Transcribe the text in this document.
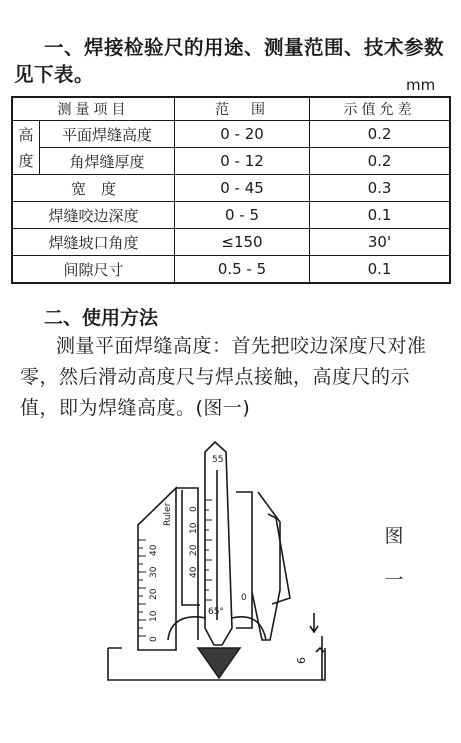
一、焊接检验尺的用途、测量范围、技术参数见下表。	mm
测量项目		范　围	示值允差
高度	平面焊缝高度	0 - 20	0.2
	角焊缝厚度	0 - 12	0.2
宽　度		0 - 45	0.3
焊缝咬边深度		0 - 5	0.1
焊缝坡口角度		≤150	30'
间隙尺寸		0.5 - 5	0.1
二、使用方法
测量平面焊缝高度：首先把咬边深度尺对准零，然后滑动高度尺与焊点接触，高度尺的示值，即为焊缝高度。(图一)
55
65°
0
Ruler
40
30
20
10
0
0
10
20
40
6
图　一
